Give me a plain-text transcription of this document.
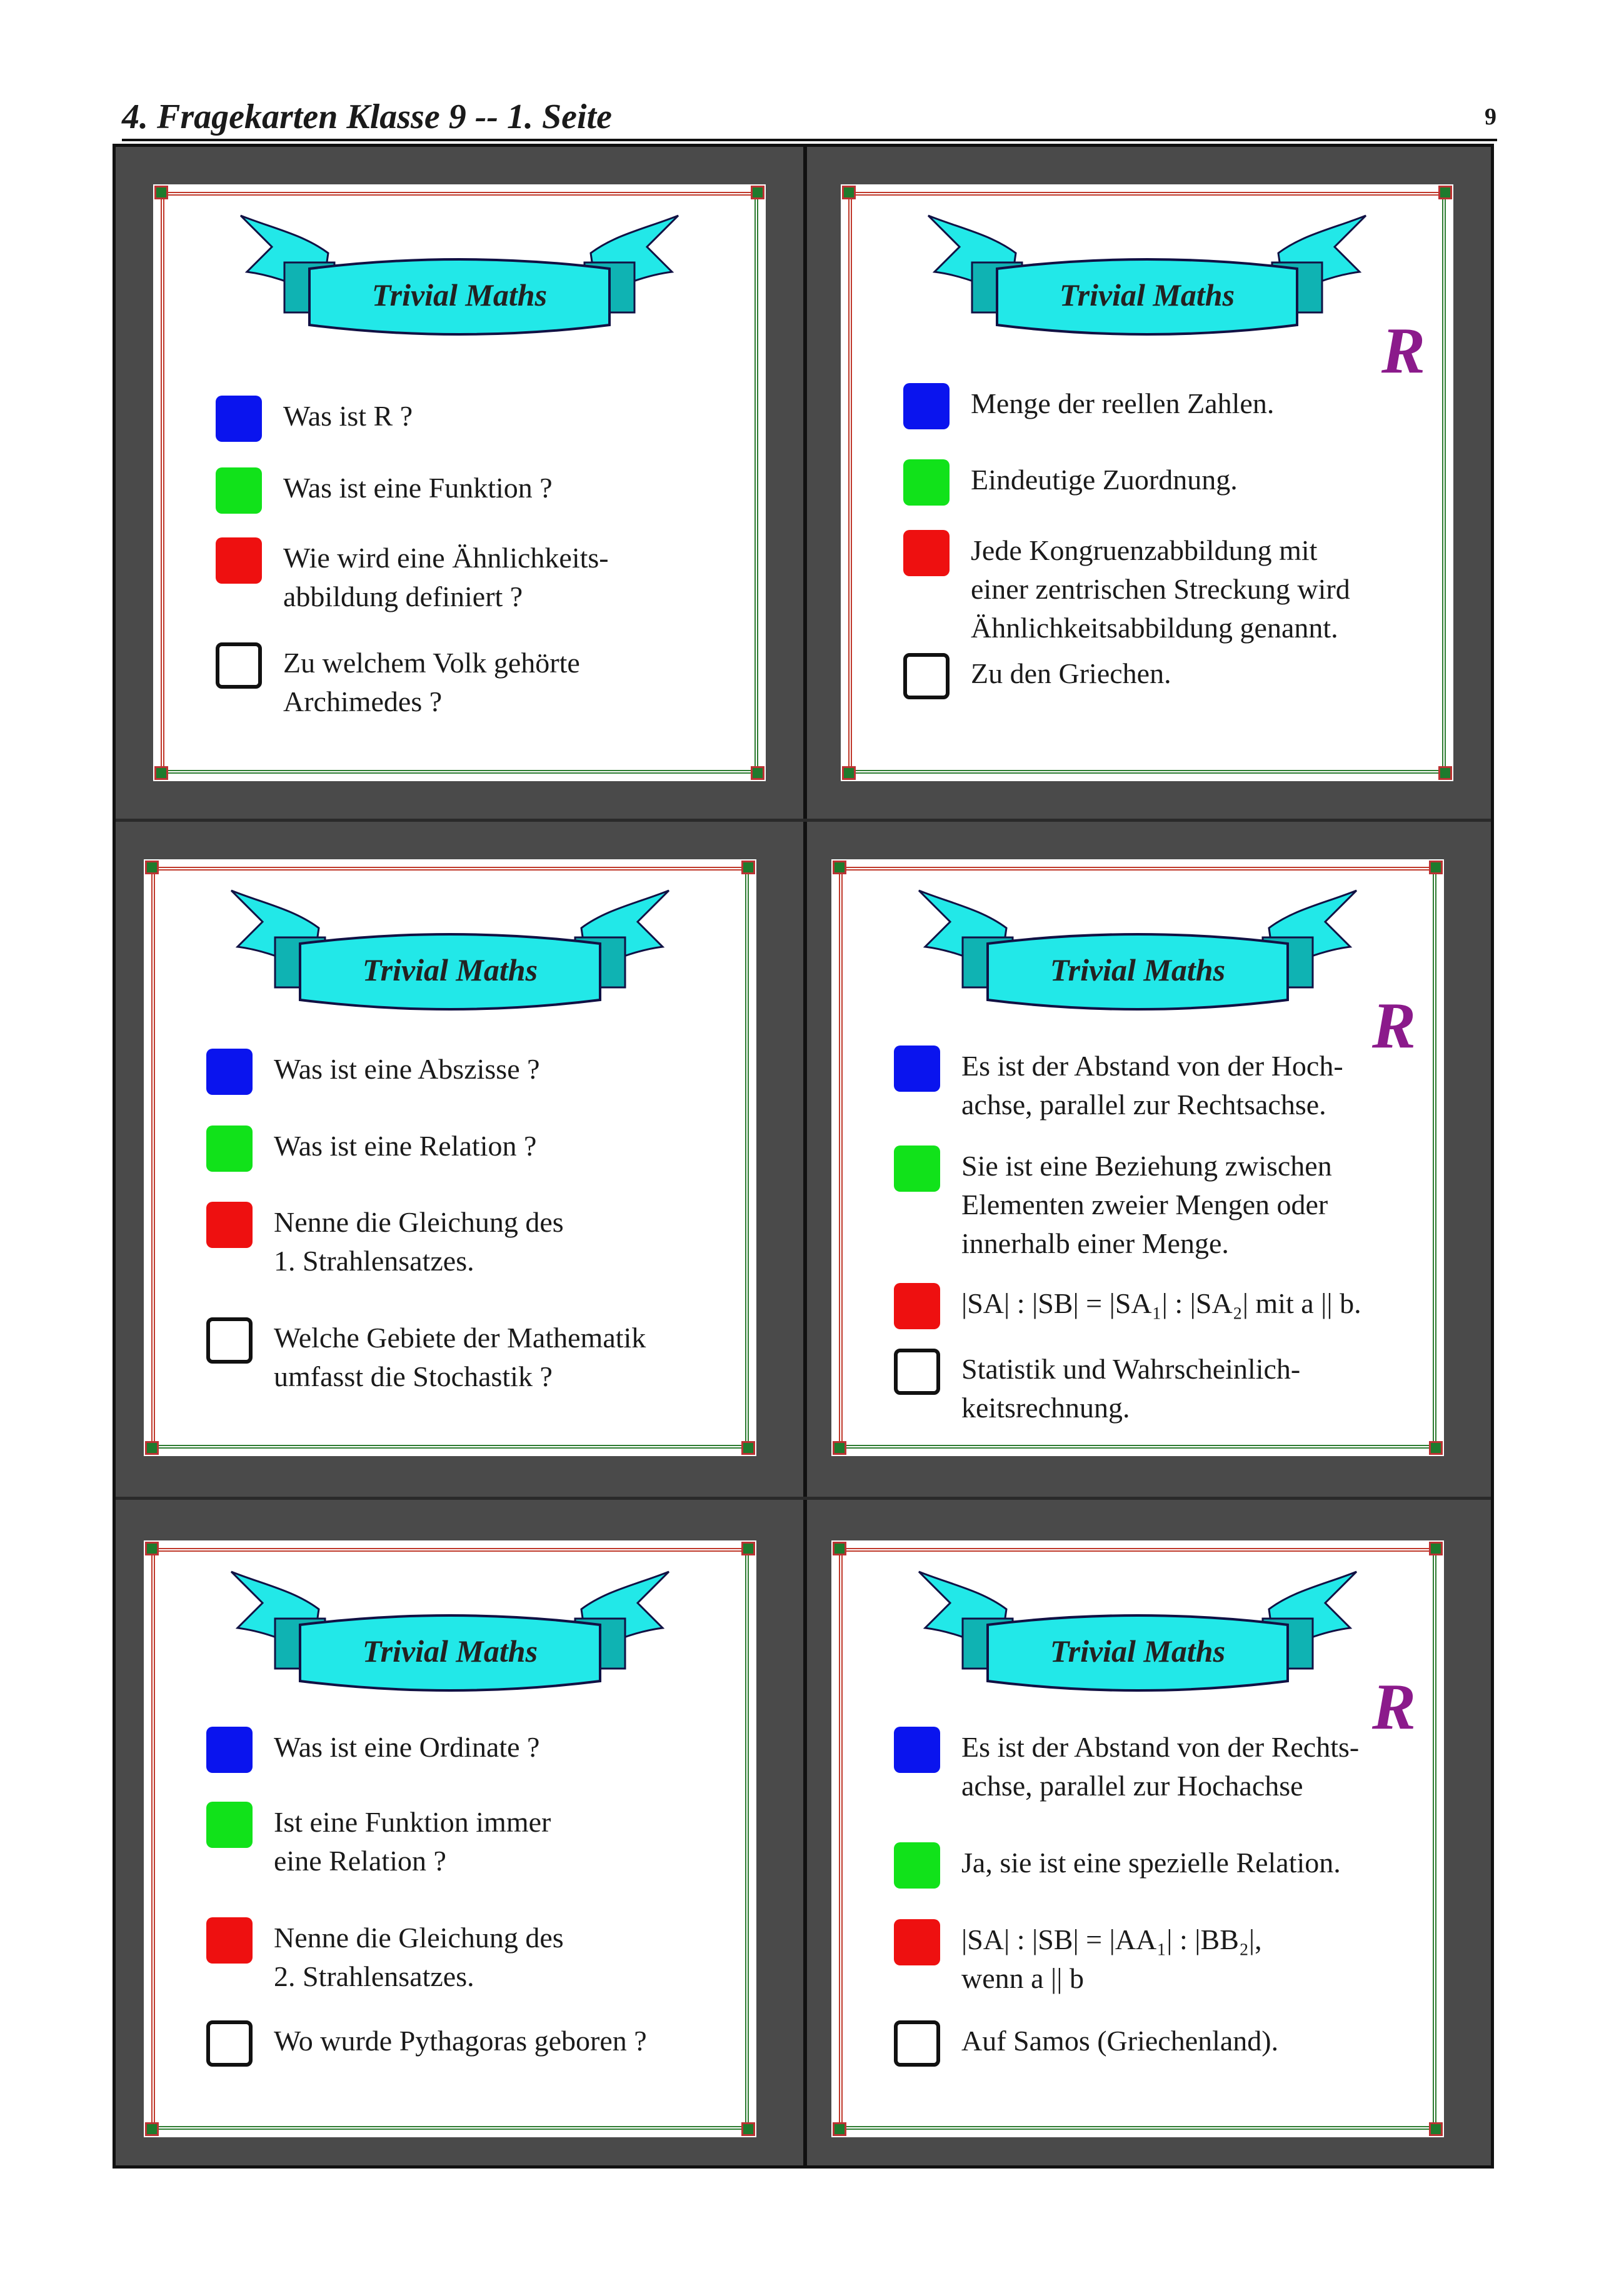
4. Fragekarten Klasse 9 -- 1. Seite	9
Trivial Maths
Was ist R ?
Was ist eine Funktion ?
Wie wird eine Ähnlichkeits-
abbildung definiert ?
Zu welchem Volk gehörte
Archimedes ?
Trivial Maths
R
Menge der reellen Zahlen.
Eindeutige Zuordnung.
Jede Kongruenzabbildung mit
einer zentrischen Streckung wird
Ähnlichkeitsabbildung genannt.
Zu den Griechen.
Trivial Maths
Was ist eine Abszisse ?
Was ist eine Relation ?
Nenne die Gleichung des
1. Strahlensatzes.
Welche Gebiete der Mathematik
umfasst die Stochastik ?
Trivial Maths
R
Es ist der Abstand von der Hoch-
achse, parallel zur Rechtsachse.
Sie ist eine Beziehung zwischen
Elementen zweier Mengen oder
innerhalb einer Menge.
|SA| : |SB| = |SA₁| : |SA₂| mit a || b.
Statistik und Wahrscheinlich-
keitsrechnung.
Trivial Maths
Was ist eine Ordinate ?
Ist eine Funktion immer
eine Relation ?
Nenne die Gleichung des
2. Strahlensatzes.
Wo wurde Pythagoras geboren ?
Trivial Maths
R
Es ist der Abstand von der Rechts-
achse, parallel zur Hochachse
Ja, sie ist eine spezielle Relation.
|SA| : |SB| = |AA₁| : |BB₂|,
wenn a || b
Auf Samos (Griechenland).
